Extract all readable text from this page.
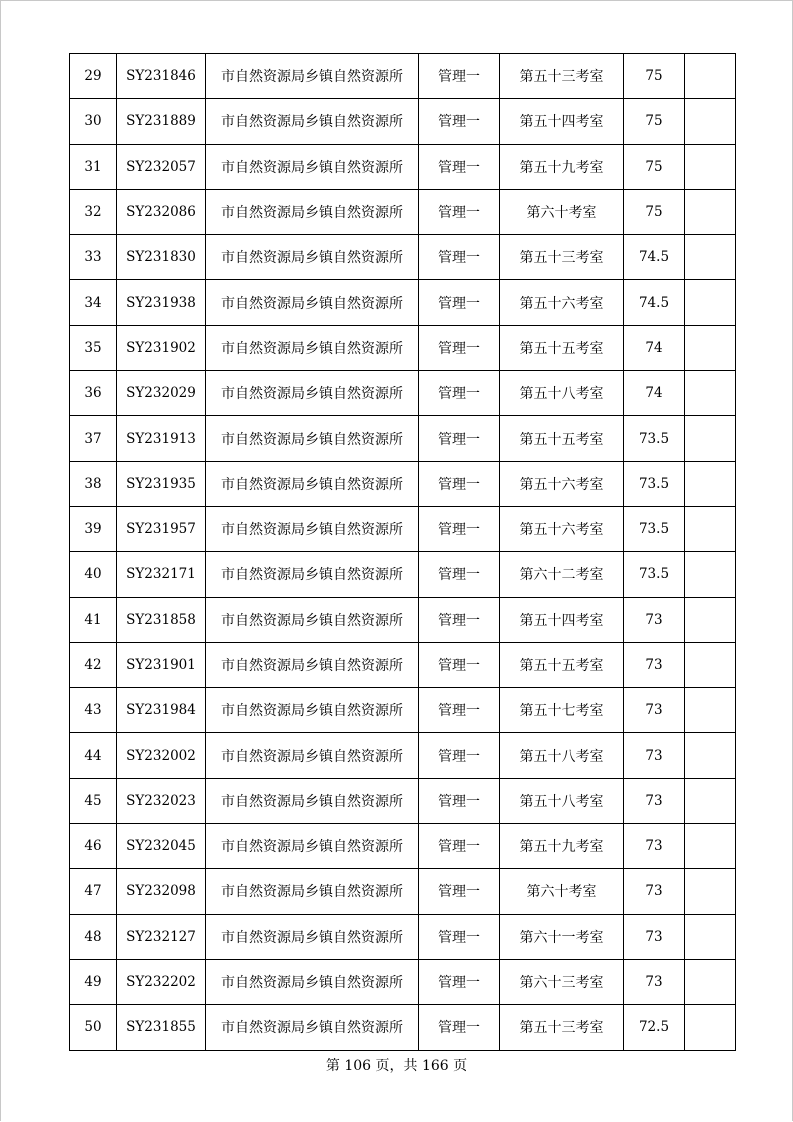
29	SY231846	市自然资源局乡镇自然资源所	管理一	第五十三考室	75	
30	SY231889	市自然资源局乡镇自然资源所	管理一	第五十四考室	75	
31	SY232057	市自然资源局乡镇自然资源所	管理一	第五十九考室	75	
32	SY232086	市自然资源局乡镇自然资源所	管理一	第六十考室	75	
33	SY231830	市自然资源局乡镇自然资源所	管理一	第五十三考室	74.5	
34	SY231938	市自然资源局乡镇自然资源所	管理一	第五十六考室	74.5	
35	SY231902	市自然资源局乡镇自然资源所	管理一	第五十五考室	74	
36	SY232029	市自然资源局乡镇自然资源所	管理一	第五十八考室	74	
37	SY231913	市自然资源局乡镇自然资源所	管理一	第五十五考室	73.5	
38	SY231935	市自然资源局乡镇自然资源所	管理一	第五十六考室	73.5	
39	SY231957	市自然资源局乡镇自然资源所	管理一	第五十六考室	73.5	
40	SY232171	市自然资源局乡镇自然资源所	管理一	第六十二考室	73.5	
41	SY231858	市自然资源局乡镇自然资源所	管理一	第五十四考室	73	
42	SY231901	市自然资源局乡镇自然资源所	管理一	第五十五考室	73	
43	SY231984	市自然资源局乡镇自然资源所	管理一	第五十七考室	73	
44	SY232002	市自然资源局乡镇自然资源所	管理一	第五十八考室	73	
45	SY232023	市自然资源局乡镇自然资源所	管理一	第五十八考室	73	
46	SY232045	市自然资源局乡镇自然资源所	管理一	第五十九考室	73	
47	SY232098	市自然资源局乡镇自然资源所	管理一	第六十考室	73	
48	SY232127	市自然资源局乡镇自然资源所	管理一	第六十一考室	73	
49	SY232202	市自然资源局乡镇自然资源所	管理一	第六十三考室	73	
50	SY231855	市自然资源局乡镇自然资源所	管理一	第五十三考室	72.5	
第 106 页，共 166 页
